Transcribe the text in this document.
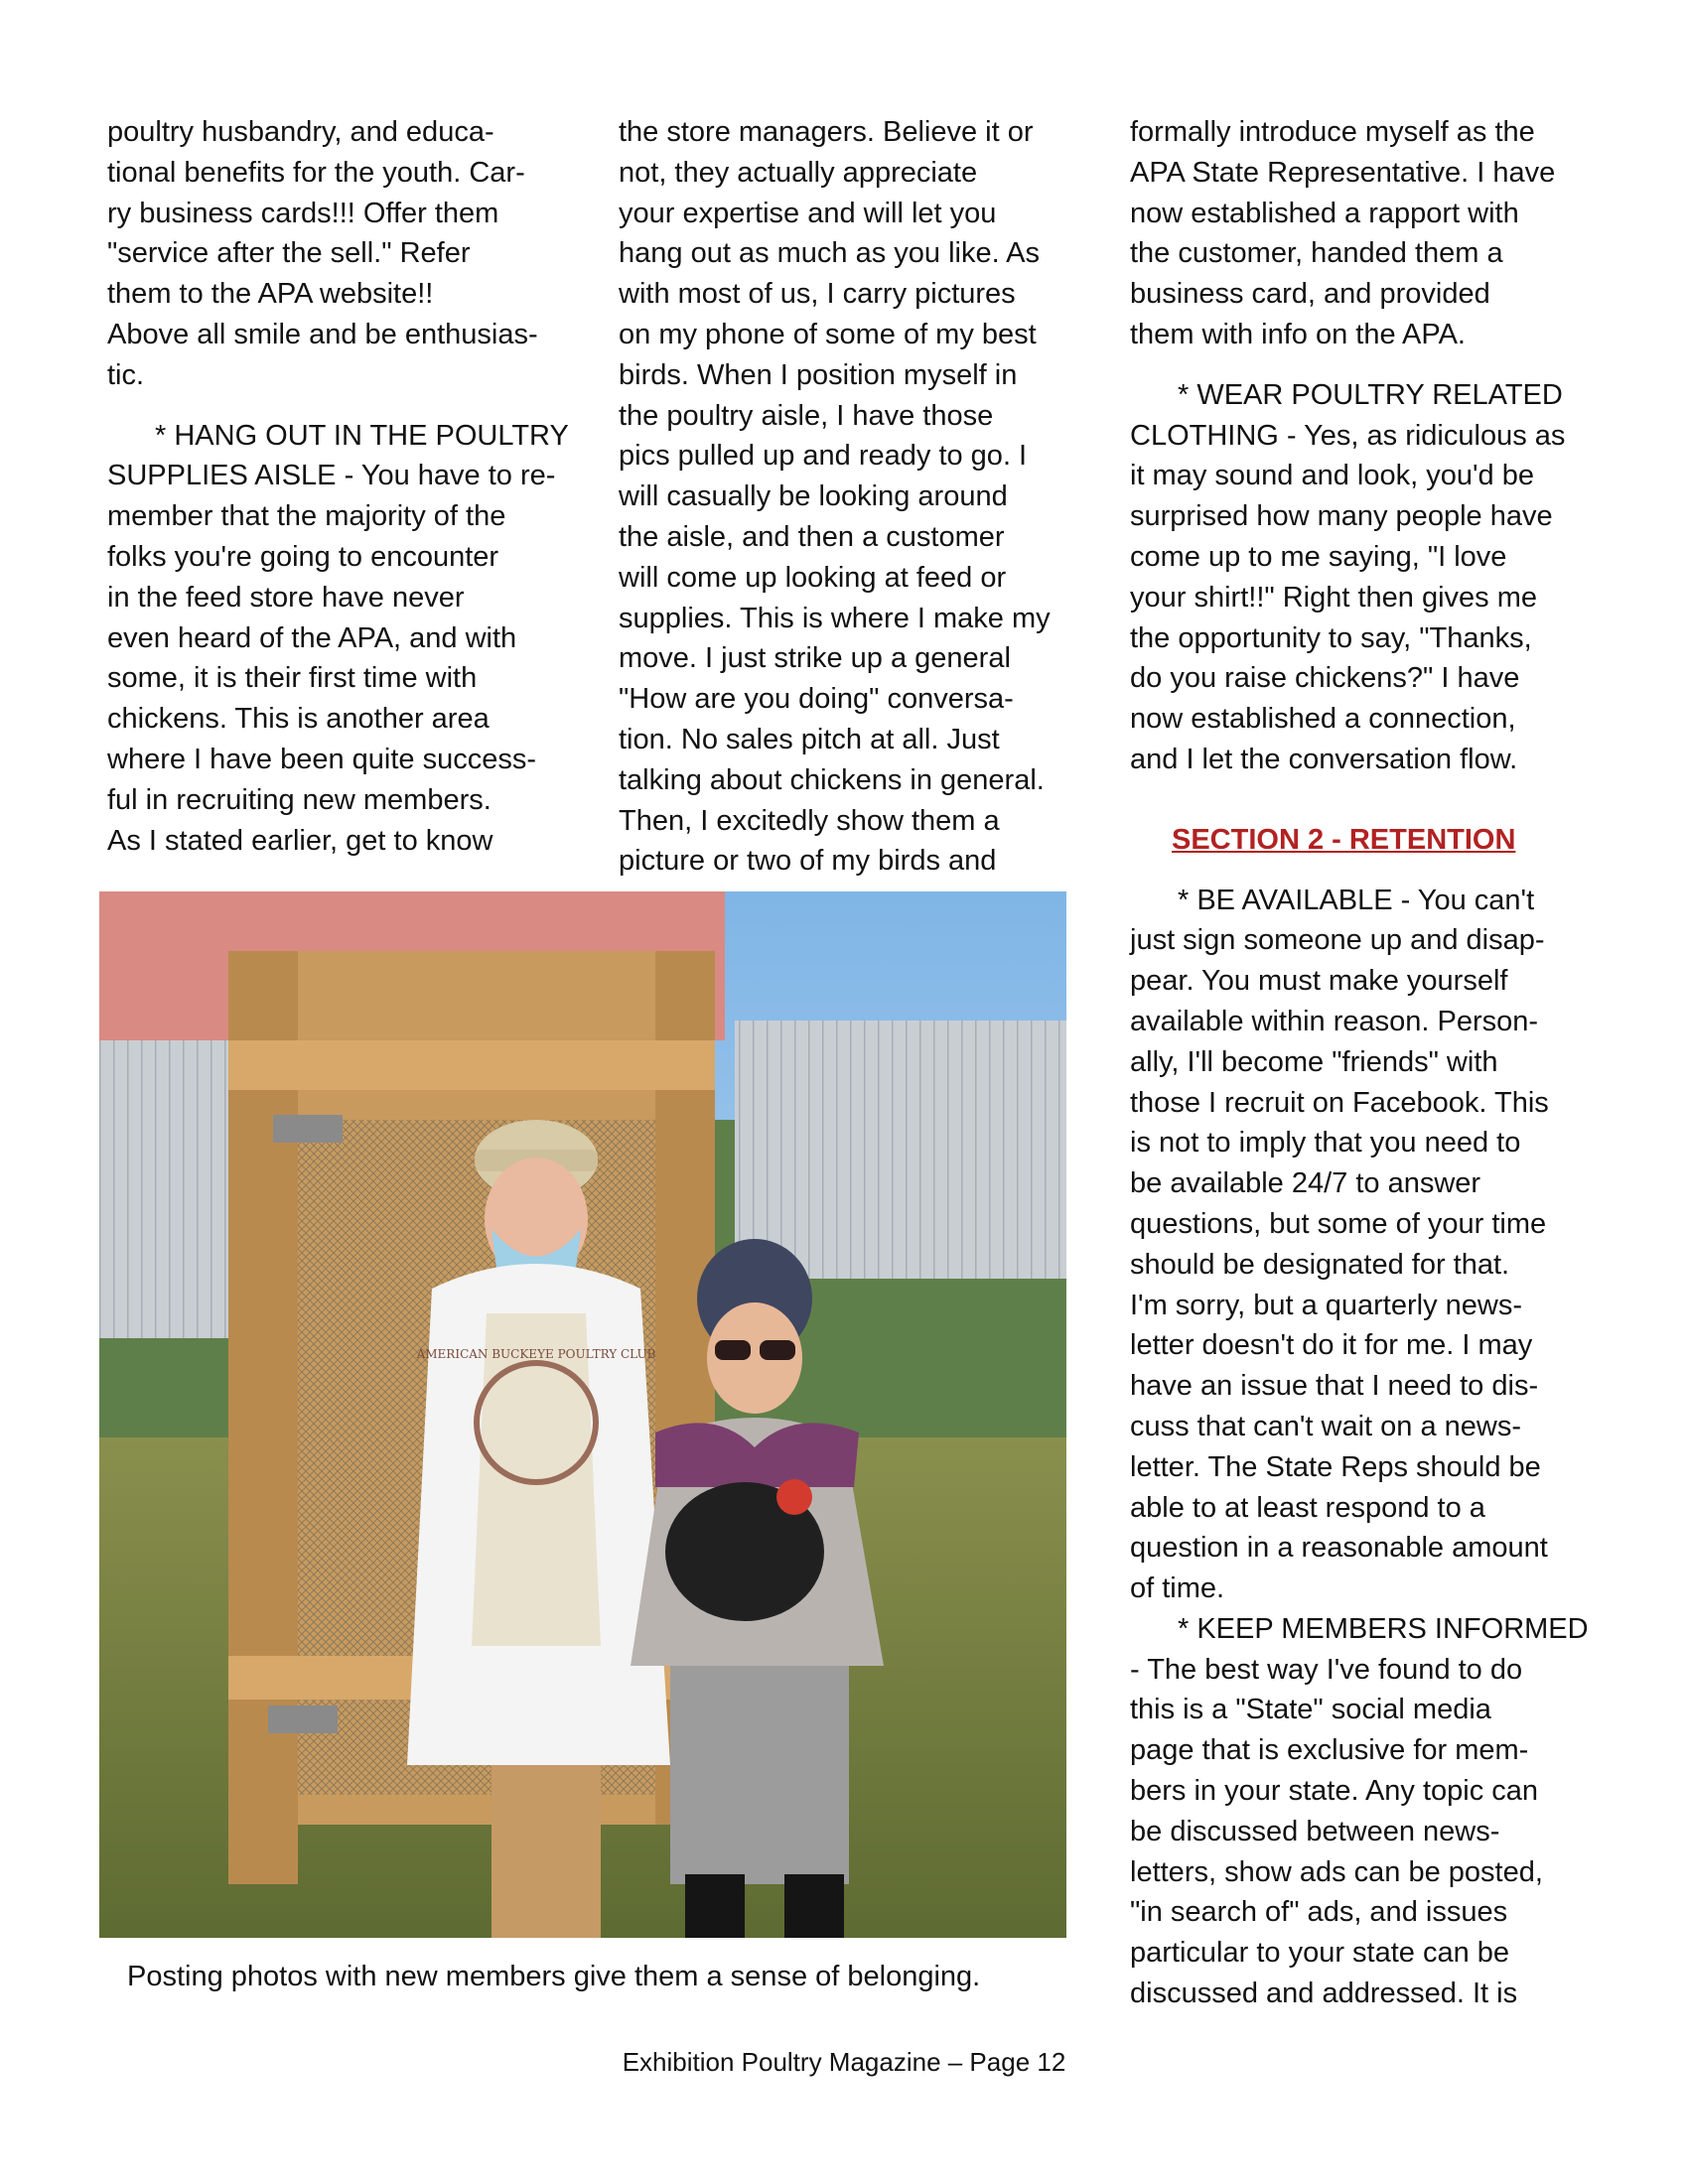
poultry husbandry, and educa-
tional benefits for the youth. Car-
ry business cards!!! Offer them
"service after the sell." Refer
them to the APA website!!
Above all smile and be enthusias-
tic.

* HANG OUT IN THE POULTRY
SUPPLIES AISLE - You have to re-
member that the majority of the
folks you're going to encounter
in the feed store have never
even heard of the APA, and with
some, it is their first time with
chickens. This is another area
where I have been quite success-
ful in recruiting new members.
As I stated earlier, get to know

the store managers. Believe it or
not, they actually appreciate
your expertise and will let you
hang out as much as you like. As
with most of us, I carry pictures
on my phone of some of my best
birds. When I position myself in
the poultry aisle, I have those
pics pulled up and ready to go. I
will casually be looking around
the aisle, and then a customer
will come up looking at feed or
supplies. This is where I make my
move. I just strike up a general
"How are you doing" conversa-
tion. No sales pitch at all. Just
talking about chickens in general.
Then, I excitedly show them a
picture or two of my birds and

formally introduce myself as the
APA State Representative. I have
now established a rapport with
the customer, handed them a
business card, and provided
them with info on the APA.

* WEAR POULTRY RELATED
CLOTHING - Yes, as ridiculous as
it may sound and look, you'd be
surprised how many people have
come up to me saying, "I love
your shirt!!" Right then gives me
the opportunity to say, "Thanks,
do you raise chickens?" I have
now established a connection,
and I let the conversation flow.

SECTION 2 - RETENTION

* BE AVAILABLE - You can't
just sign someone up and disap-
pear. You must make yourself
available within reason. Person-
ally, I'll become "friends" with
those I recruit on Facebook. This
is not to imply that you need to
be available 24/7 to answer
questions, but some of your time
should be designated for that.
I'm sorry, but a quarterly news-
letter doesn't do it for me. I may
have an issue that I need to dis-
cuss that can't wait on a news-
letter. The State Reps should be
able to at least respond to a
question in a reasonable amount
of time.

* KEEP MEMBERS INFORMED
- The best way I've found to do
this is a "State" social media
page that is exclusive for mem-
bers in your state. Any topic can
be discussed between news-
letters, show ads can be posted,
"in search of" ads, and issues
particular to your state can be
discussed and addressed. It is

AMERICAN BUCKEYE POULTRY CLUB
Posting photos with new members give them a sense of belonging.
Exhibition Poultry Magazine – Page 12
